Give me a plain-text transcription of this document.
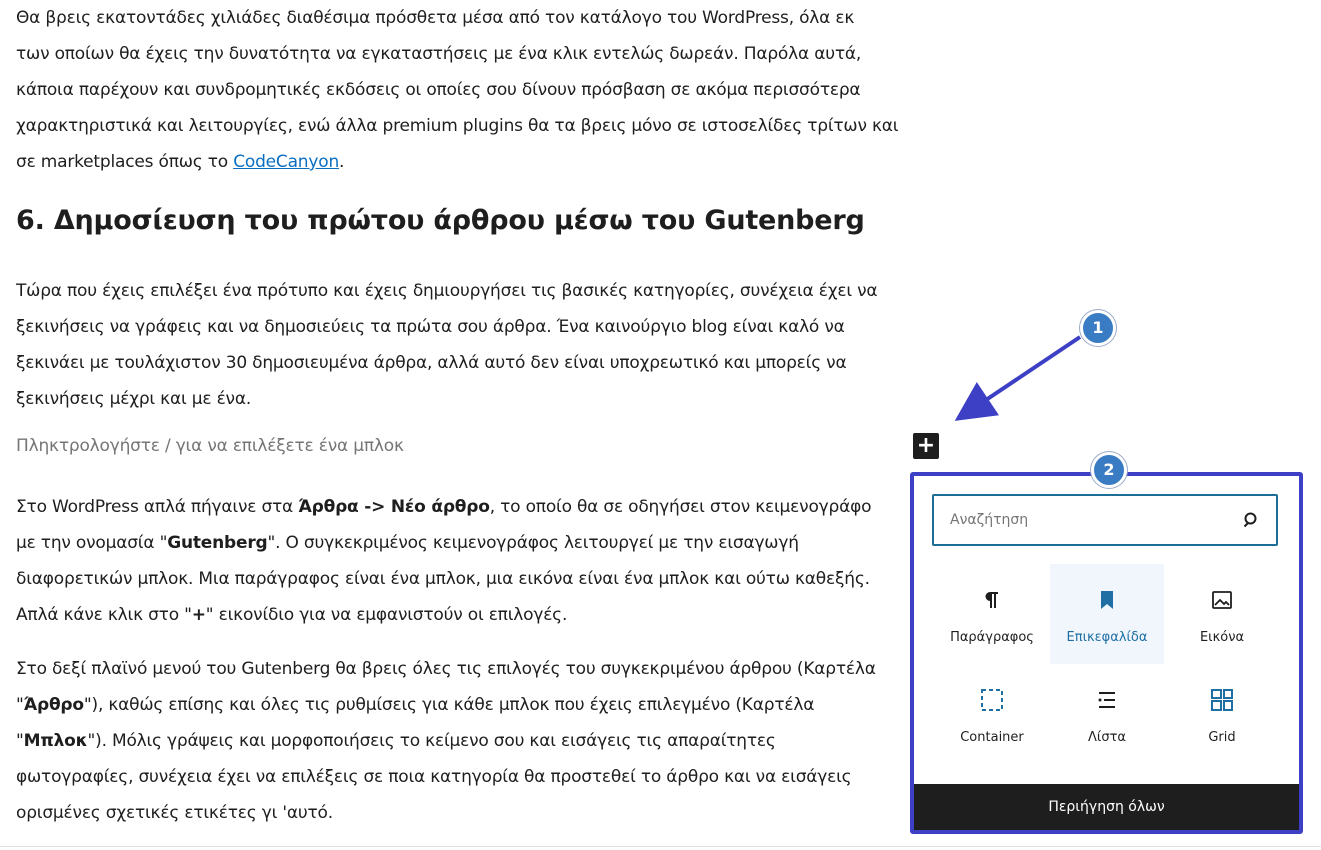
Θα βρεις εκατοντάδες χιλιάδες διαθέσιμα πρόσθετα μέσα από τον κατάλογο του WordPress, όλα εκ
των οποίων θα έχεις την δυνατότητα να εγκαταστήσεις με ένα κλικ εντελώς δωρεάν. Παρόλα αυτά,
κάποια παρέχουν και συνδρομητικές εκδόσεις οι οποίες σου δίνουν πρόσβαση σε ακόμα περισσότερα
χαρακτηριστικά και λειτουργίες, ενώ άλλα premium plugins θα τα βρεις μόνο σε ιστοσελίδες τρίτων και
σε marketplaces όπως το CodeCanyon.

6. Δημοσίευση του πρώτου άρθρου μέσω του Gutenberg

Τώρα που έχεις επιλέξει ένα πρότυπο και έχεις δημιουργήσει τις βασικές κατηγορίες, συνέχεια έχει να
ξεκινήσεις να γράφεις και να δημοσιεύεις τα πρώτα σου άρθρα. Ένα καινούργιο blog είναι καλό να
ξεκινάει με τουλάχιστον 30 δημοσιευμένα άρθρα, αλλά αυτό δεν είναι υποχρεωτικό και μπορείς να
ξεκινήσεις μέχρι και με ένα.

Πληκτρολογήστε / για να επιλέξετε ένα μπλοκ

Στο WordPress απλά πήγαινε στα Άρθρα -> Νέο άρθρο, το οποίο θα σε οδηγήσει στον κειμενογράφο
με την ονομασία "Gutenberg". Ο συγκεκριμένος κειμενογράφος λειτουργεί με την εισαγωγή
διαφορετικών μπλοκ. Μια παράγραφος είναι ένα μπλοκ, μια εικόνα είναι ένα μπλοκ και ούτω καθεξής.
Απλά κάνε κλικ στο "+" εικονίδιο για να εμφανιστούν οι επιλογές.

Στο δεξί πλαϊνό μενού του Gutenberg θα βρεις όλες τις επιλογές του συγκεκριμένου άρθρου (Καρτέλα
"Άρθρο"), καθώς επίσης και όλες τις ρυθμίσεις για κάθε μπλοκ που έχεις επιλεγμένο (Καρτέλα
"Μπλοκ"). Μόλις γράψεις και μορφοποιήσεις το κείμενο σου και εισάγεις τις απαραίτητες
φωτογραφίες, συνέχεια έχει να επιλέξεις σε ποια κατηγορία θα προστεθεί το άρθρο και να εισάγεις
ορισμένες σχετικές ετικέτες γι 'αυτό.

1
+
Αναζήτηση
Παράγραφος	Επικεφαλίδα	Εικόνα
Container	Λίστα	Grid
Περιήγηση όλων
2
